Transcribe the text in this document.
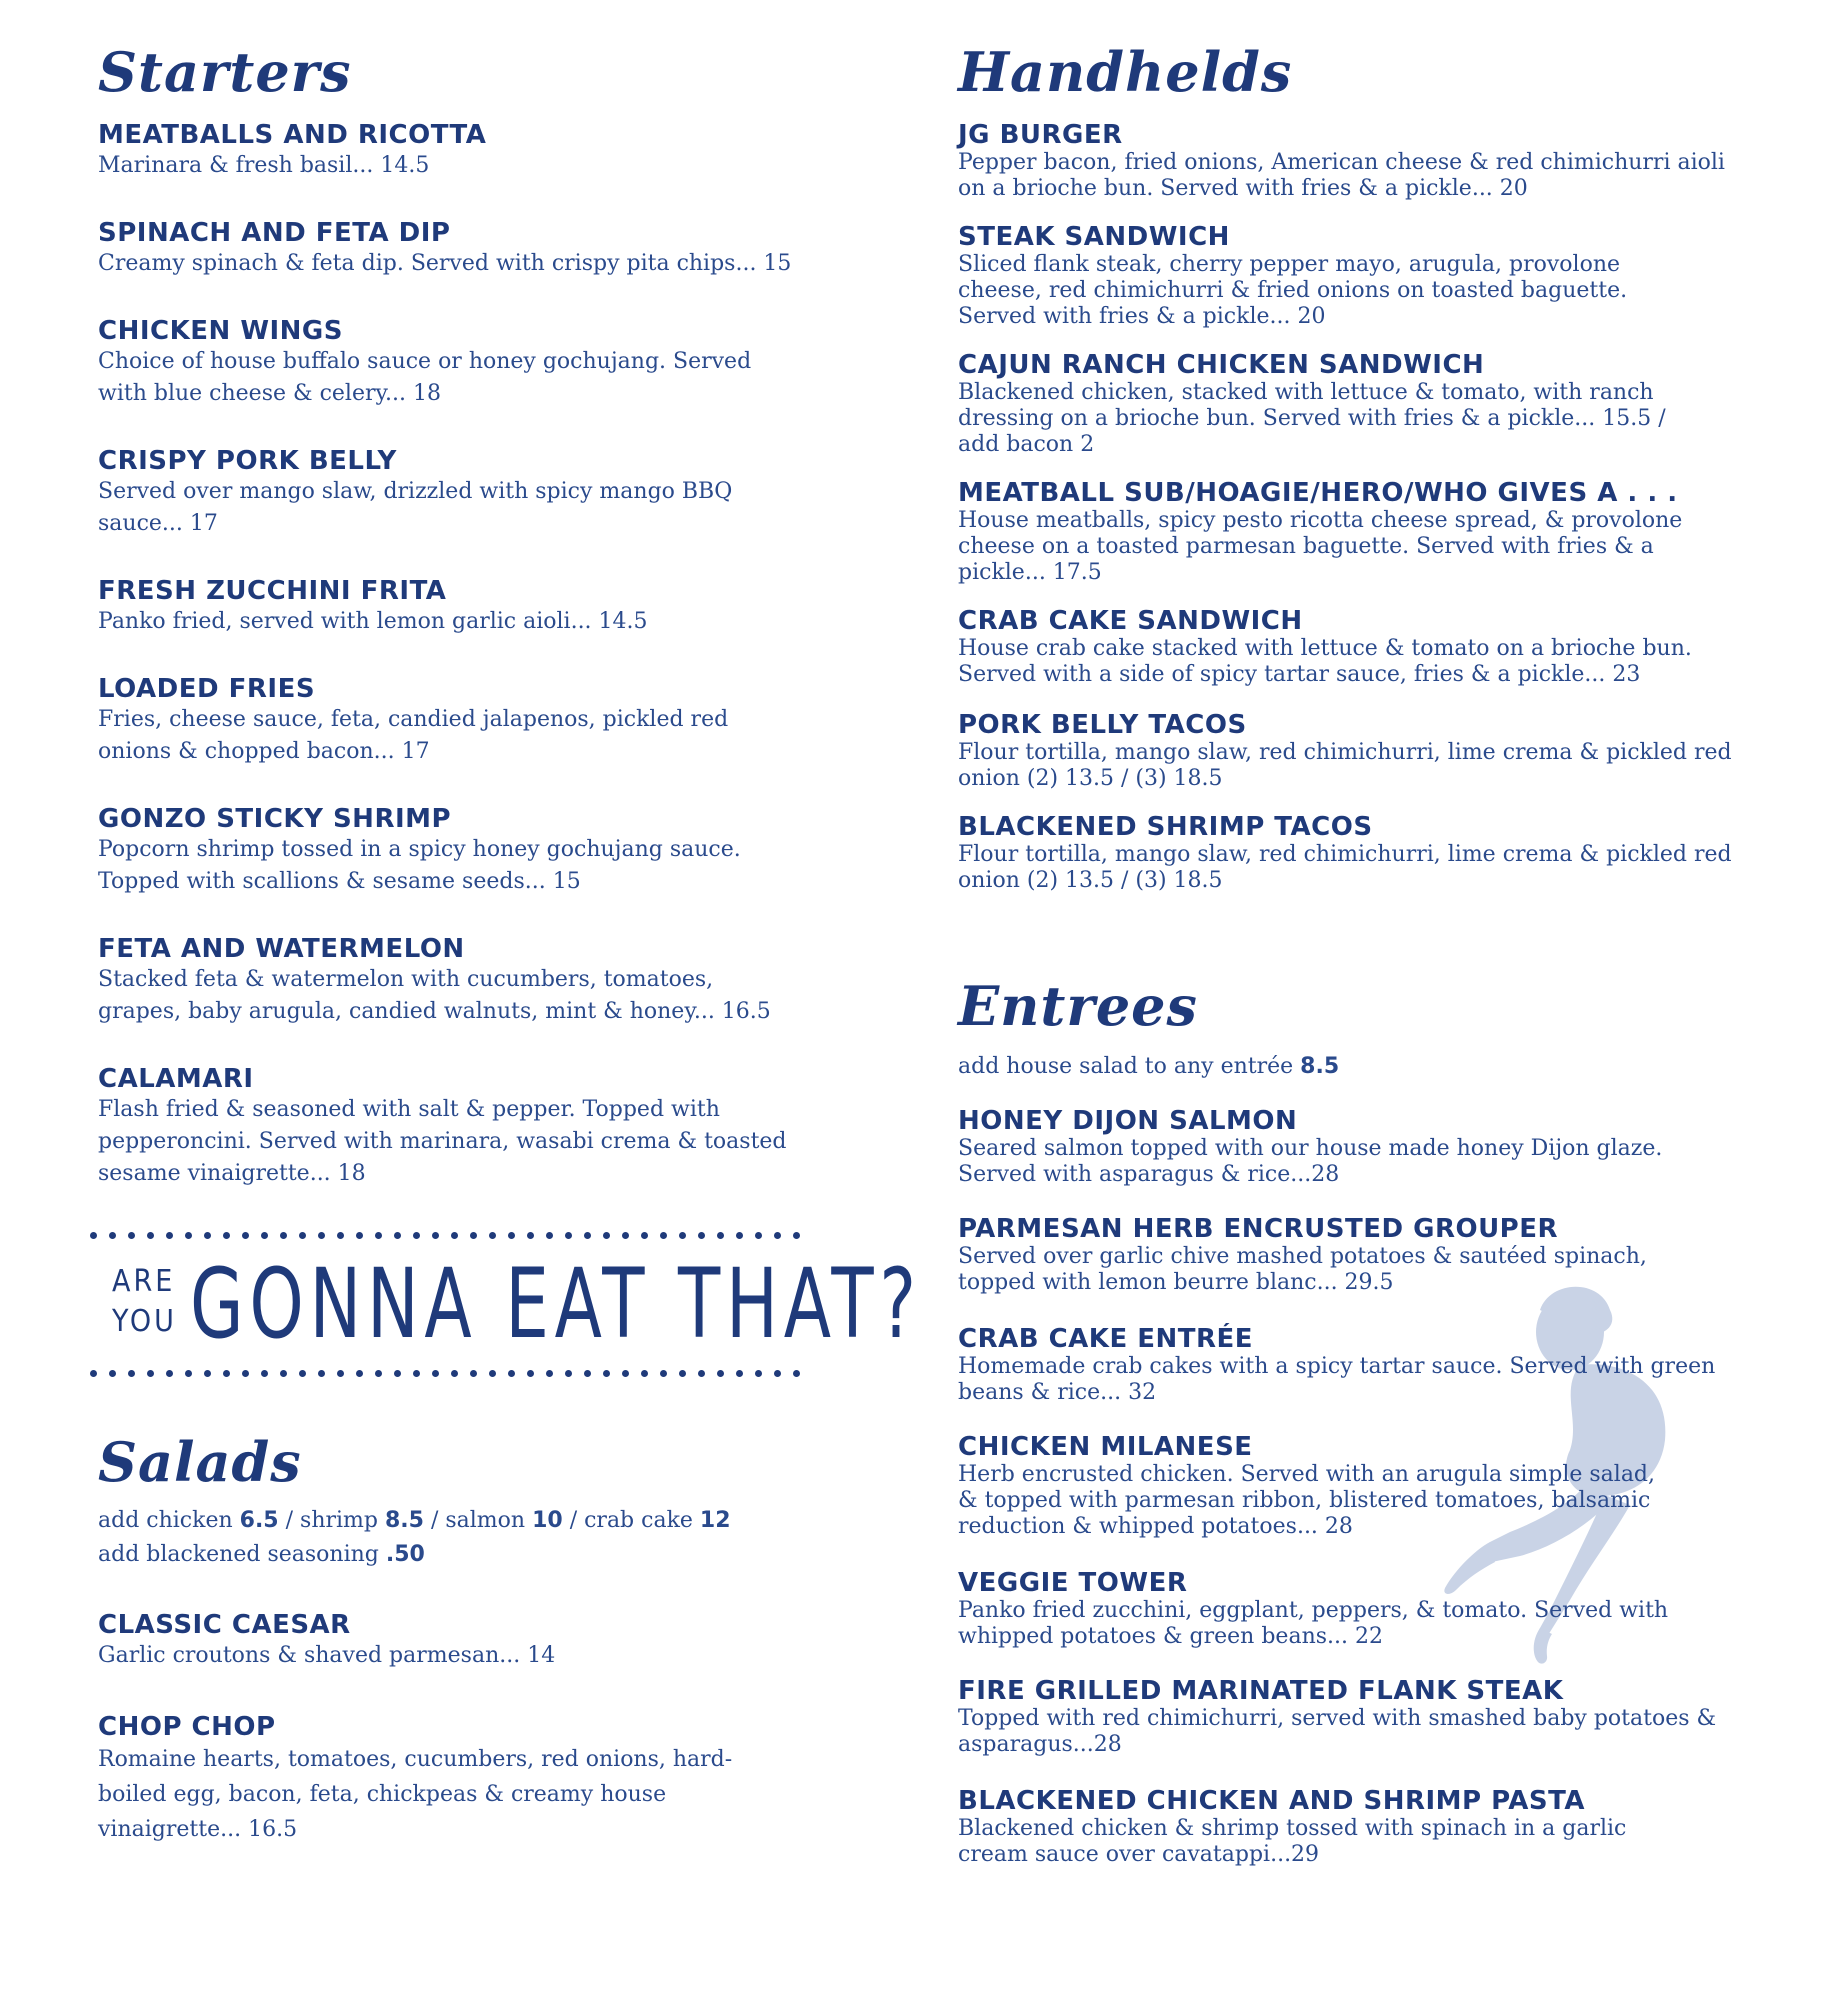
Starters
MEATBALLS AND RICOTTA
Marinara & fresh basil... 14.5
SPINACH AND FETA DIP
Creamy spinach & feta dip. Served with crispy pita chips... 15
CHICKEN WINGS
Choice of house buffalo sauce or honey gochujang. Served with blue cheese & celery... 18
CRISPY PORK BELLY
Served over mango slaw, drizzled with spicy mango BBQ sauce... 17
FRESH ZUCCHINI FRITA
Panko fried, served with lemon garlic aioli... 14.5
LOADED FRIES
Fries, cheese sauce, feta, candied jalapenos, pickled red onions & chopped bacon... 17
GONZO STICKY SHRIMP
Popcorn shrimp tossed in a spicy honey gochujang sauce. Topped with scallions & sesame seeds... 15
FETA AND WATERMELON
Stacked feta & watermelon with cucumbers, tomatoes, grapes, baby arugula, candied walnuts, mint & honey... 16.5
CALAMARI
Flash fried & seasoned with salt & pepper. Topped with pepperoncini. Served with marinara, wasabi crema & toasted sesame vinaigrette... 18
Salads
add chicken 6.5 / shrimp 8.5 / salmon 10 / crab cake 12
add blackened seasoning .50
CLASSIC CAESAR
Garlic croutons & shaved parmesan... 14
CHOP CHOP
Romaine hearts, tomatoes, cucumbers, red onions, hard-boiled egg, bacon, feta, chickpeas & creamy house vinaigrette... 16.5
ARE
YOU GONNA EAT THAT?
Handhelds
JG BURGER
Pepper bacon, fried onions, American cheese & red chimichurri aioli on a brioche bun. Served with fries & a pickle... 20
STEAK SANDWICH
Sliced flank steak, cherry pepper mayo, arugula, provolone cheese, red chimichurri & fried onions on toasted baguette. Served with fries & a pickle... 20
CAJUN RANCH CHICKEN SANDWICH
Blackened chicken, stacked with lettuce & tomato, with ranch dressing on a brioche bun. Served with fries & a pickle... 15.5 / add bacon 2
MEATBALL SUB/HOAGIE/HERO/WHO GIVES A . . .
House meatballs, spicy pesto ricotta cheese spread, & provolone cheese on a toasted parmesan baguette. Served with fries & a pickle... 17.5
CRAB CAKE SANDWICH
House crab cake stacked with lettuce & tomato on a brioche bun. Served with a side of spicy tartar sauce, fries & a pickle... 23
PORK BELLY TACOS
Flour tortilla, mango slaw, red chimichurri, lime crema & pickled red onion (2) 13.5 / (3) 18.5
BLACKENED SHRIMP TACOS
Flour tortilla, mango slaw, red chimichurri, lime crema & pickled red onion (2) 13.5 / (3) 18.5
Entrees
add house salad to any entrée 8.5
HONEY DIJON SALMON
Seared salmon topped with our house made honey Dijon glaze. Served with asparagus & rice...28
PARMESAN HERB ENCRUSTED GROUPER
Served over garlic chive mashed potatoes & sautéed spinach, topped with lemon beurre blanc... 29.5
CRAB CAKE ENTRÉE
Homemade crab cakes with a spicy tartar sauce. Served with green beans & rice... 32
CHICKEN MILANESE
Herb encrusted chicken. Served with an arugula simple salad, & topped with parmesan ribbon, blistered tomatoes, balsamic reduction & whipped potatoes... 28
VEGGIE TOWER
Panko fried zucchini, eggplant, peppers, & tomato. Served with whipped potatoes & green beans... 22
FIRE GRILLED MARINATED FLANK STEAK
Topped with red chimichurri, served with smashed baby potatoes & asparagus...28
BLACKENED CHICKEN AND SHRIMP PASTA
Blackened chicken & shrimp tossed with spinach in a garlic cream sauce over cavatappi...29
